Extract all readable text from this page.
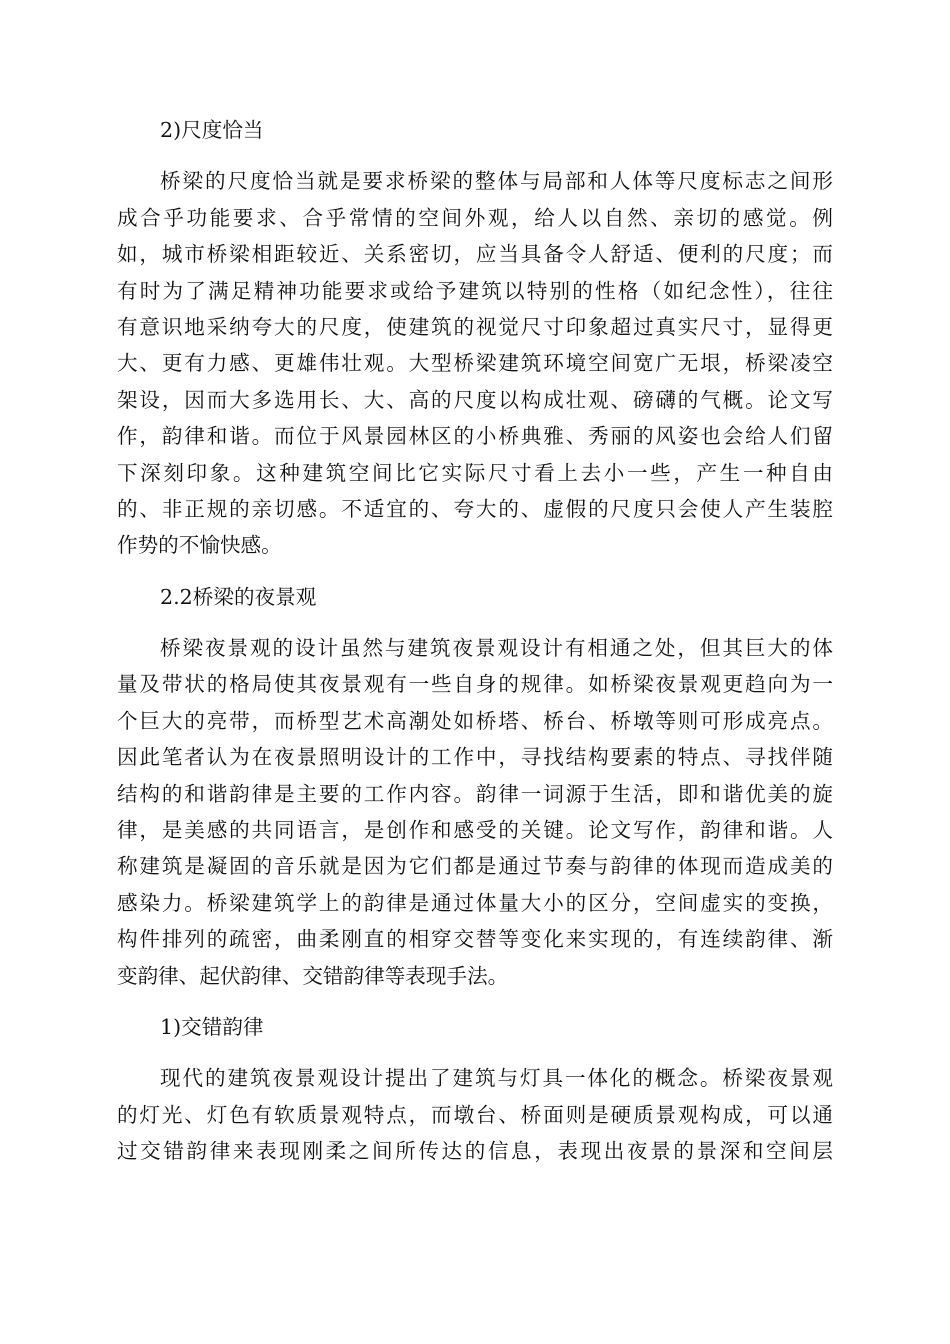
2)尺度恰当
桥梁的尺度恰当就是要求桥梁的整体与局部和人体等尺度标志之间形
成合乎功能要求、合乎常情的空间外观，给人以自然、亲切的感觉。例
如，城市桥梁相距较近、关系密切，应当具备令人舒适、便利的尺度；而
有时为了满足精神功能要求或给予建筑以特别的性格（如纪念性），往往
有意识地采纳夸大的尺度，使建筑的视觉尺寸印象超过真实尺寸，显得更
大、更有力感、更雄伟壮观。大型桥梁建筑环境空间宽广无垠，桥梁凌空
架设，因而大多选用长、大、高的尺度以构成壮观、磅礴的气概。论文写
作，韵律和谐。而位于风景园林区的小桥典雅、秀丽的风姿也会给人们留
下深刻印象。这种建筑空间比它实际尺寸看上去小一些，产生一种自由
的、非正规的亲切感。不适宜的、夸大的、虚假的尺度只会使人产生装腔
作势的不愉快感。
2.2桥梁的夜景观
桥梁夜景观的设计虽然与建筑夜景观设计有相通之处，但其巨大的体
量及带状的格局使其夜景观有一些自身的规律。如桥梁夜景观更趋向为一
个巨大的亮带，而桥型艺术高潮处如桥塔、桥台、桥墩等则可形成亮点。
因此笔者认为在夜景照明设计的工作中，寻找结构要素的特点、寻找伴随
结构的和谐韵律是主要的工作内容。韵律一词源于生活，即和谐优美的旋
律，是美感的共同语言，是创作和感受的关键。论文写作，韵律和谐。人
称建筑是凝固的音乐就是因为它们都是通过节奏与韵律的体现而造成美的
感染力。桥梁建筑学上的韵律是通过体量大小的区分，空间虚实的变换，
构件排列的疏密，曲柔刚直的相穿交替等变化来实现的，有连续韵律、渐
变韵律、起伏韵律、交错韵律等表现手法。
1)交错韵律
现代的建筑夜景观设计提出了建筑与灯具一体化的概念。桥梁夜景观
的灯光、灯色有软质景观特点，而墩台、桥面则是硬质景观构成，可以通
过交错韵律来表现刚柔之间所传达的信息，表现出夜景的景深和空间层
